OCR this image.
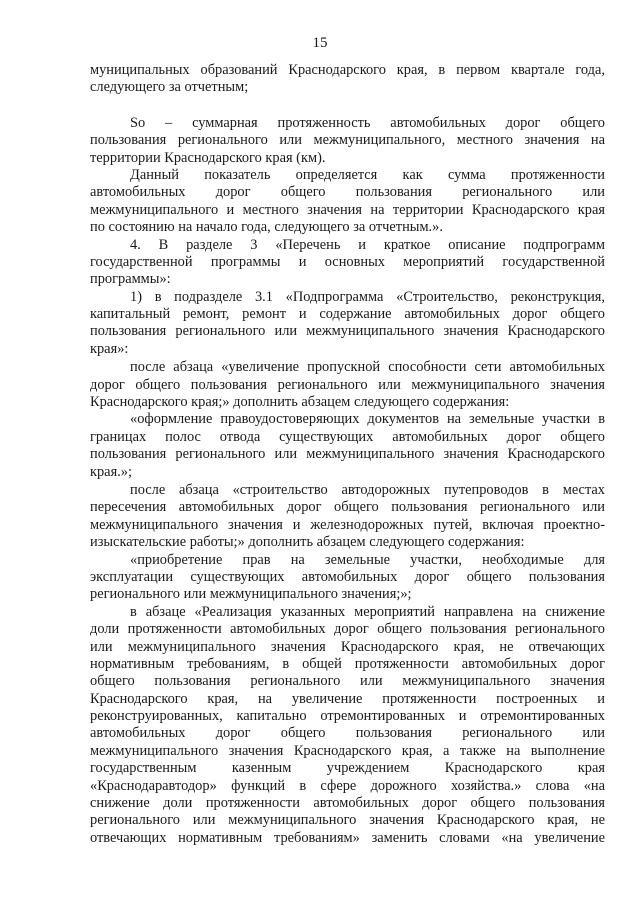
15
муниципальных образований Краснодарского края, в первом квартале года,
следующего за отчетным;
So – суммарная протяженность автомобильных дорог общего
пользования регионального или межмуниципального, местного значения на
территории Краснодарского края (км).
Данный показатель определяется как сумма протяженности
автомобильных дорог общего пользования регионального или
межмуниципального и местного значения на территории Краснодарского края
по состоянию на начало года, следующего за отчетным.».
4. В разделе 3 «Перечень и краткое описание подпрограмм
государственной программы и основных мероприятий государственной
программы»:
1) в подразделе 3.1 «Подпрограмма «Строительство, реконструкция,
капитальный ремонт, ремонт и содержание автомобильных дорог общего
пользования регионального или межмуниципального значения Краснодарского
края»:
после абзаца «увеличение пропускной способности сети автомобильных
дорог общего пользования регионального или межмуниципального значения
Краснодарского края;» дополнить абзацем следующего содержания:
«оформление правоудостоверяющих документов на земельные участки в
границах полос отвода существующих автомобильных дорог общего
пользования регионального или межмуниципального значения Краснодарского
края.»;
после абзаца «строительство автодорожных путепроводов в местах
пересечения автомобильных дорог общего пользования регионального или
межмуниципального значения и железнодорожных путей, включая проектно-
изыскательские работы;» дополнить абзацем следующего содержания:
«приобретение прав на земельные участки, необходимые для
эксплуатации существующих автомобильных дорог общего пользования
регионального или межмуниципального значения;»;
в абзаце «Реализация указанных мероприятий направлена на снижение
доли протяженности автомобильных дорог общего пользования регионального
или межмуниципального значения Краснодарского края, не отвечающих
нормативным требованиям, в общей протяженности автомобильных дорог
общего пользования регионального или межмуниципального значения
Краснодарского края, на увеличение протяженности построенных и
реконструированных, капитально отремонтированных и отремонтированных
автомобильных дорог общего пользования регионального или
межмуниципального значения Краснодарского края, а также на выполнение
государственным казенным учреждением Краснодарского края
«Краснодаравтодор» функций в сфере дорожного хозяйства.» слова «на
снижение доли протяженности автомобильных дорог общего пользования
регионального или межмуниципального значения Краснодарского края, не
отвечающих нормативным требованиям» заменить словами «на увеличение
